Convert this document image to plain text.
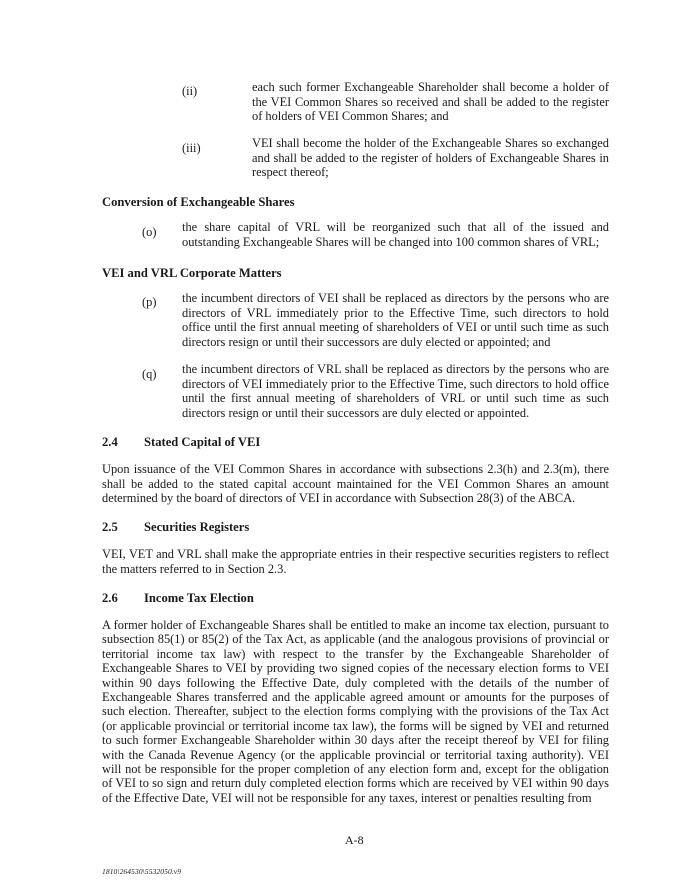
(ii)	each such former Exchangeable Shareholder shall become a holder of the VEI Common Shares so received and shall be added to the register of holders of VEI Common Shares; and
(iii)	VEI shall become the holder of the Exchangeable Shares so exchanged and shall be added to the register of holders of Exchangeable Shares in respect thereof;
Conversion of Exchangeable Shares
(o) the share capital of VRL will be reorganized such that all of the issued and outstanding Exchangeable Shares will be changed into 100 common shares of VRL;
VEI and VRL Corporate Matters
(p) the incumbent directors of VEI shall be replaced as directors by the persons who are directors of VRL immediately prior to the Effective Time, such directors to hold office until the first annual meeting of shareholders of VEI or until such time as such directors resign or until their successors are duly elected or appointed; and
(q) the incumbent directors of VRL shall be replaced as directors by the persons who are directors of VEI immediately prior to the Effective Time, such directors to hold office until the first annual meeting of shareholders of VRL or until such time as such directors resign or until their successors are duly elected or appointed.
2.4 Stated Capital of VEI
Upon issuance of the VEI Common Shares in accordance with subsections 2.3(h) and 2.3(m), there shall be added to the stated capital account maintained for the VEI Common Shares an amount determined by the board of directors of VEI in accordance with Subsection 28(3) of the ABCA.
2.5 Securities Registers
VEI, VET and VRL shall make the appropriate entries in their respective securities registers to reflect the matters referred to in Section 2.3.
2.6 Income Tax Election
A former holder of Exchangeable Shares shall be entitled to make an income tax election, pursuant to subsection 85(1) or 85(2) of the Tax Act, as applicable (and the analogous provisions of provincial or territorial income tax law) with respect to the transfer by the Exchangeable Shareholder of Exchangeable Shares to VEI by providing two signed copies of the necessary election forms to VEI within 90 days following the Effective Date, duly completed with the details of the number of Exchangeable Shares transferred and the applicable agreed amount or amounts for the purposes of such election. Thereafter, subject to the election forms complying with the provisions of the Tax Act (or applicable provincial or territorial income tax law), the forms will be signed by VEI and returned to such former Exchangeable Shareholder within 30 days after the receipt thereof by VEI for filing with the Canada Revenue Agency (or the applicable provincial or territorial taxing authority). VEI will not be responsible for the proper completion of any election form and, except for the obligation of VEI to so sign and return duly completed election forms which are received by VEI within 90 days of the Effective Date, VEI will not be responsible for any taxes, interest or penalties resulting from
A-8
1810\264530\5532050.v9
